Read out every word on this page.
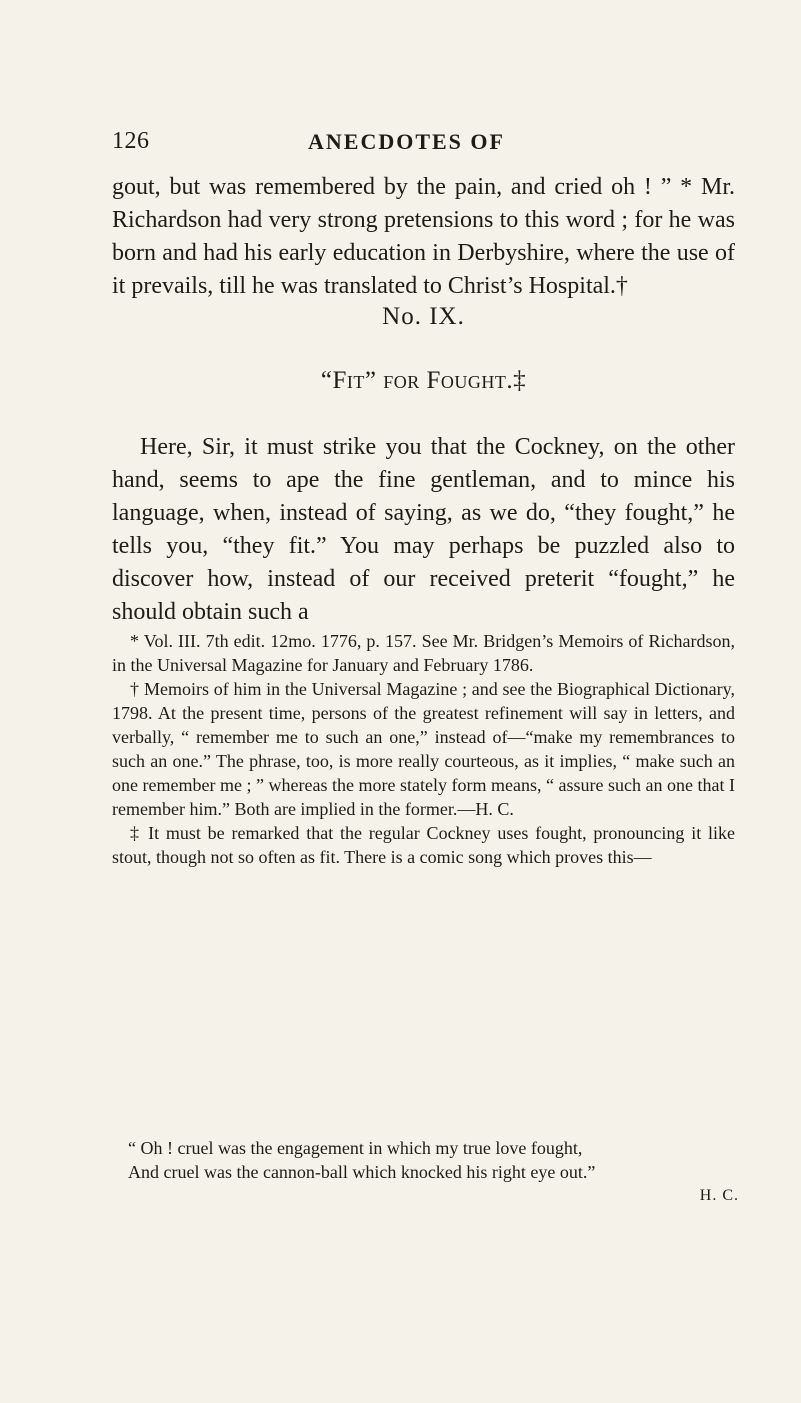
126	ANECDOTES OF

gout, but was remembered by the pain, and cried oh ! ” * Mr. Richardson had very strong pretensions to this word ; for he was born and had his early education in Derbyshire, where the use of it prevails, till he was translated to Christ’s Hospital.†

No. IX.
“Fit” for Fought.‡

Here, Sir, it must strike you that the Cockney, on the other hand, seems to ape the fine gentleman, and to mince his language, when, instead of saying, as we do, “they fought,” he tells you, “they fit.” You may perhaps be puzzled also to discover how, instead of our received preterit “fought,” he should obtain such a

* Vol. III. 7th edit. 12mo. 1776, p. 157. See Mr. Bridgen’s Memoirs of Richardson, in the Universal Magazine for January and February 1786.

† Memoirs of him in the Universal Magazine ; and see the Biographical Dictionary, 1798. At the present time, persons of the greatest refinement will say in letters, and verbally, “ remember me to such an one,” instead of—“make my remembrances to such an one.” The phrase, too, is more really courteous, as it implies, “ make such an one remember me ; ” whereas the more stately form means, “ assure such an one that I remember him.” Both are implied in the former.—H. C.

‡ It must be remarked that the regular Cockney uses fought, pronouncing it like stout, though not so often as fit. There is a comic song which proves this—

“ Oh ! cruel was the engagement in which my true love fought,
And cruel was the cannon-ball which knocked his right eye out.”
H. C.
